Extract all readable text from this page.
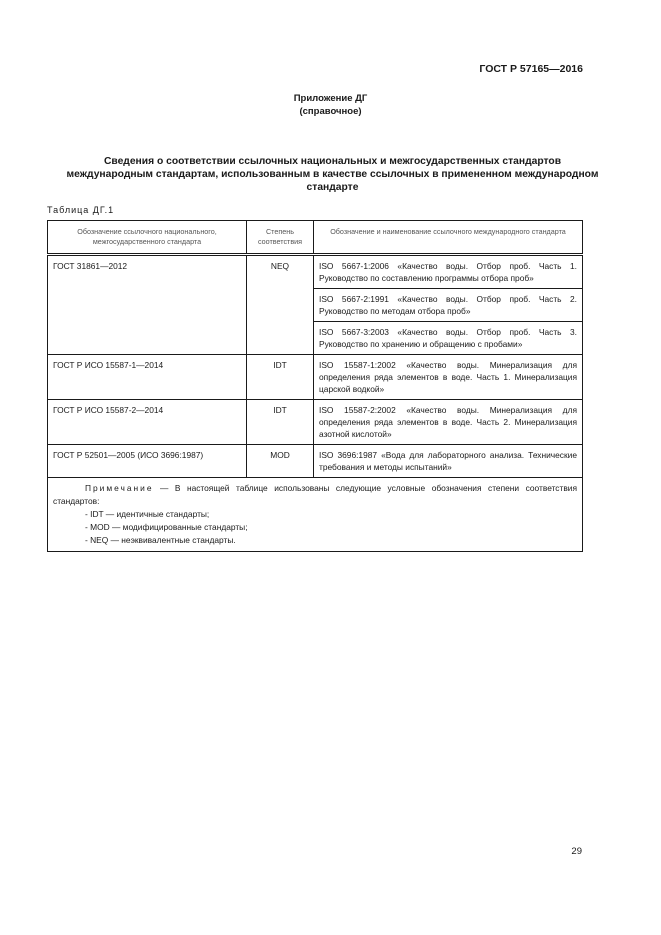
ГОСТ Р 57165—2016
Приложение ДГ
(справочное)
Сведения о соответствии ссылочных национальных и межгосударственных стандартов международным стандартам, использованным в качестве ссылочных в примененном международном стандарте
Таблица ДГ.1
Обозначение ссылочного национального, межгосударственного стандарта	Степень соответствия	Обозначение и наименование ссылочного международного стандарта
ГОСТ 31861—2012	NEQ	ISO 5667-1:2006 «Качество воды. Отбор проб. Часть 1. Руководство по составлению программы отбора проб»
		ISO 5667-2:1991 «Качество воды. Отбор проб. Часть 2. Руководство по методам отбора проб»
		ISO 5667-3:2003 «Качество воды. Отбор проб. Часть 3. Руководство по хранению и обращению с пробами»
ГОСТ Р ИСО 15587-1—2014	IDT	ISO 15587-1:2002 «Качество воды. Минерализация для определения ряда элементов в воде. Часть 1. Минерализация царской водкой»
ГОСТ Р ИСО 15587-2—2014	IDT	ISO 15587-2:2002 «Качество воды. Минерализация для определения ряда элементов в воде. Часть 2. Минерализация азотной кислотой»
ГОСТ Р 52501—2005 (ИСО 3696:1987)	MOD	ISO 3696:1987 «Вода для лабораторного анализа. Технические требования и методы испытаний»

Примечание — В настоящей таблице использованы следующие условные обозначения степени соответствия стандартов:
- IDT — идентичные стандарты;
- MOD — модифицированные стандарты;
- NEQ — неэквивалентные стандарты.		
29
